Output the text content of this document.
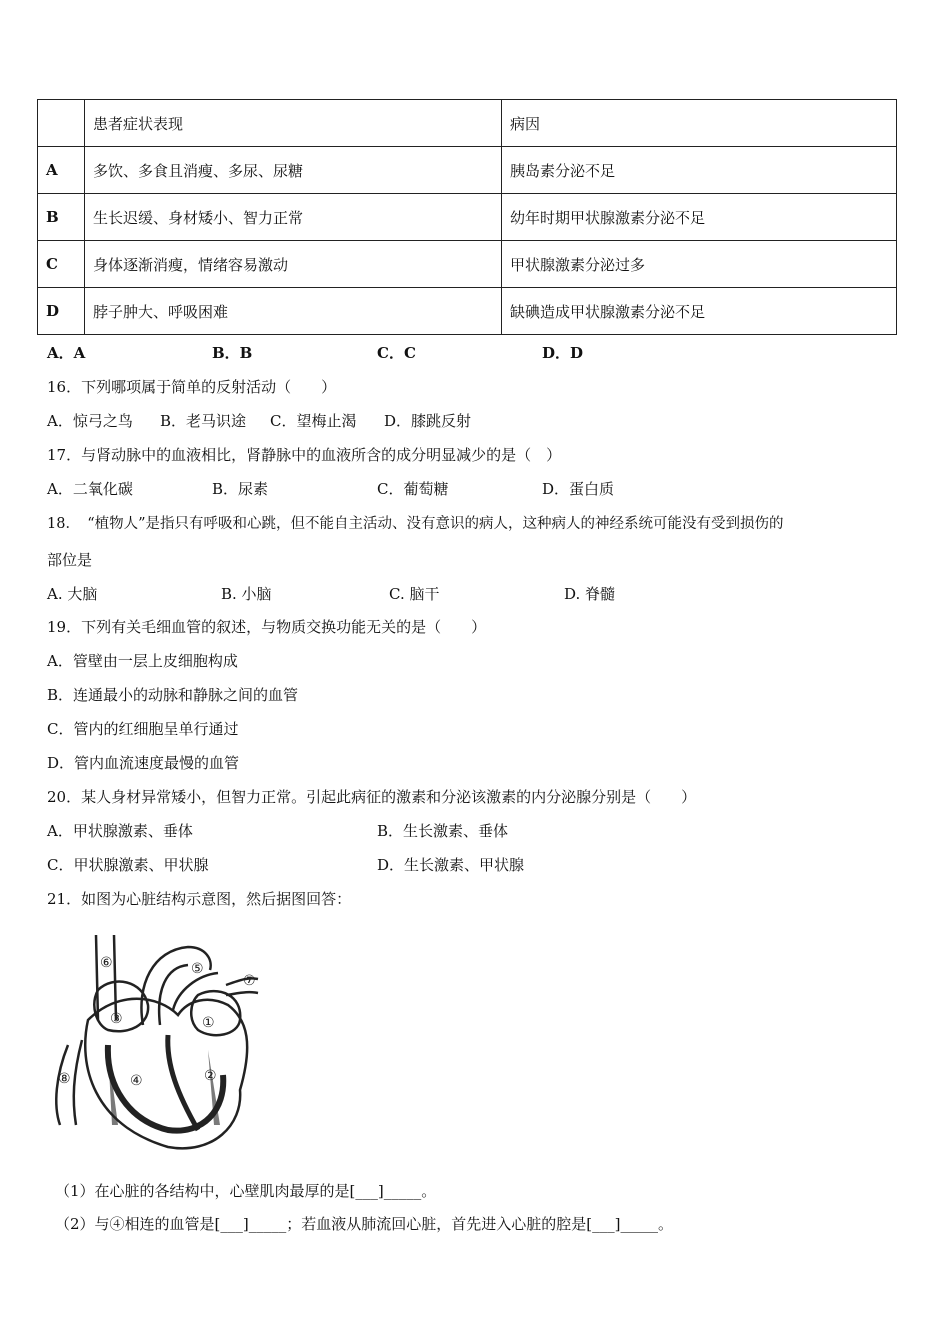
	患者症状表现	病因
A	多饮、多食且消瘦、多尿、尿糖	胰岛素分泌不足
B	生长迟缓、身材矮小、智力正常	幼年时期甲状腺激素分泌不足
C	身体逐渐消瘦，情绪容易激动	甲状腺激素分泌过多
D	脖子肿大、呼吸困难	缺碘造成甲状腺激素分泌不足
A．A	B．B	C．C	D．D
16．下列哪项属于简单的反射活动（　　）
A．惊弓之鸟 B．老马识途 C．望梅止渴 D．膝跳反射
17．与肾动脉中的血液相比，肾静脉中的血液所含的成分明显减少的是（　）
A．二氧化碳	B．尿素	C．葡萄糖	D．蛋白质
18．　“植物人”是指只有呼吸和心跳，但不能自主活动、没有意识的病人，这种病人的神经系统可能没有受到损伤的
部位是
A. 大脑	B. 小脑	C. 脑干	D. 脊髓
19．下列有关毛细血管的叙述，与物质交换功能无关的是（　　）
A．管壁由一层上皮细胞构成
B．连通最小的动脉和静脉之间的血管
C．管内的红细胞呈单行通过
D．管内血流速度最慢的血管
20．某人身材异常矮小，但智力正常。引起此病征的激素和分泌该激素的内分泌腺分别是（　　）
A．甲状腺激素、垂体	B．生长激素、垂体
C．甲状腺激素、甲状腺	D．生长激素、甲状腺
21．如图为心脏结构示意图，然后据图回答：
①
②
③
④
⑤
⑥
⑦
⑧
（1）在心脏的各结构中，心壁肌肉最厚的是[___]_____。
（2）与④相连的血管是[___]_____；若血液从肺流回心脏，首先进入心脏的腔是[___]_____。
